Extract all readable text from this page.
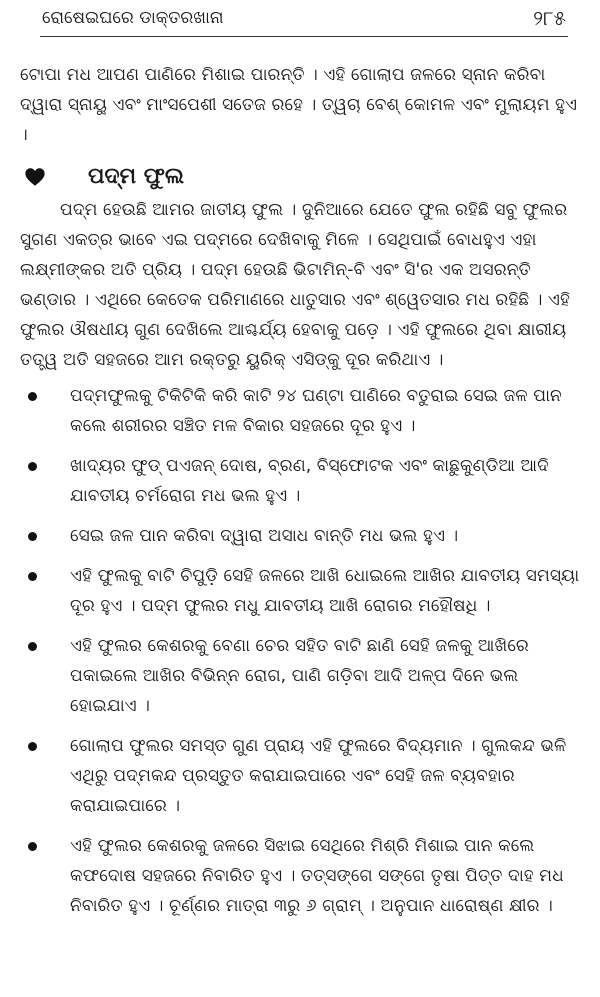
ରୋଷେଇଘରେ ଡାକ୍ତରଖାନା	୨୮୫

ଟୋପା ମଧ ଆପଣ ପାଣିରେ ମିଶାଇ ପାରନ୍ତି । ଏହି ଗୋଲାପ ଜଳରେ ସ୍ନାନ କରିବା ଦ୍ୱାରା ସ୍ନାୟୁ ଏବଂ ମାଂସପେଶୀ ସତେଜ ରହେ । ତ୍ୱଚା ବେଶ୍ କୋମଳ ଏବଂ ମୁଲାୟମ ହୁଏ ।

ପଦ୍ମ ଫୁଲ

ପଦ୍ମ ହେଉଛି ଆମର ଜାତୀୟ ଫୁଲ । ଦୁନିଆରେ ଯେତେ ଫୁଲ ରହିଛି ସବୁ ଫୁଲର ସୁଗଣ ଏକତ୍ର ଭାବେ ଏଇ ପଦ୍ମରେ ଦେଖିବାକୁ ମିଳେ । ସେଥିପାଇଁ ବୋଧହୁଏ ଏହା ଲକ୍ଷ୍ମୀଙ୍କର ଅତି ପ୍ରିୟ । ପଦ୍ମ ହେଉଛି ଭିଟାମିନ୍-ବି ଏବଂ ସି'ର ଏକ ଅସରନ୍ତି ଭଣ୍ଡାର । ଏଥିରେ କେତେକ ପରିମାଣରେ ଧାତୁସାର ଏବଂ ଶ୍ୱେତସାର ମଧ ରହିଛି । ଏହି ଫୁଲର ଔଷଧୀୟ ଗୁଣ ଦେଖିଲେ ଆଶ୍ଚର୍ଯ୍ୟ ହେବାକୁ ପଡ଼େ । ଏହି ଫୁଲରେ ଥିବା କ୍ଷାରୀୟ ତତ୍ତ୍ୱ ଅତି ସହଜରେ ଆମ ରକ୍ତରୁ ୟୁରିକ୍ ଏସିଡ୍‌କୁ ଦୂର କରିଥାଏ ।

ପଦ୍ମଫୁଲକୁ ଟିକିଟିକି କରି କାଟି ୨୪ ଘଣ୍ଟା ପାଣିରେ ବତୁରାଇ ସେଇ ଜଳ ପାନ କଲେ ଶରୀରର ସଞ୍ଚିତ ମଳ ବିକାର ସହଜରେ ଦୂର ହୁଏ ।
ଖାଦ୍ୟର ଫୁଡ୍ ପଏଜନ୍ ଦୋଷ, ବ୍ରଣ, ବିସ୍ଫୋଟକ ଏବଂ କାଛୁକୁଣ୍ଡିଆ ଆଦି ଯାବତୀୟ ଚର୍ମରୋଗ ମଧ ଭଲ ହୁଏ ।
ସେଇ ଜଳ ପାନ କରିବା ଦ୍ୱାରା ଅସାଧ ବାନ୍ତି ମଧ ଭଲ ହୁଏ ।
ଏହି ଫୁଲକୁ ବାଟି ଚିପୁଡ଼ି ସେହି ଜଳରେ ଆଖି ଧୋଇଲେ ଆଖିର ଯାବତୀୟ ସମସ୍ୟା ଦୂର ହୁଏ । ପଦ୍ମ ଫୁଲର ମଧୁ ଯାବତୀୟ ଆଖି ରୋଗର ମହୌଷଧି ।
ଏହି ଫୁଲର କେଶରକୁ ବେଣା ଚେର ସହିତ ବାଟି ଛାଣି ସେହି ଜଳକୁ ଆଖିରେ ପକାଇଲେ ଆଖିର ବିଭିନ୍ନ ରୋଗ, ପାଣି ଗଡ଼ିବା ଆଦି ଅଳ୍ପ ଦିନେ ଭଲ ହୋଇଯାଏ ।
ଗୋଲାପ ଫୁଲର ସମସ୍ତ ଗୁଣ ପ୍ରାୟ ଏହି ଫୁଲରେ ବିଦ୍ୟମାନ । ଗୁଲକନ୍ଦ ଭଳି ଏଥିରୁ ପଦ୍ମକନ୍ଦ ପ୍ରସ୍ତୁତ କରାଯାଇପାରେ ଏବଂ ସେହି ଜଳ ବ୍ୟବହାର କରାଯାଇପାରେ ।
ଏହି ଫୁଲର କେଶରକୁ ଜଳରେ ସିଝାଇ ସେଥିରେ ମିଶ୍ରି ମିଶାଇ ପାନ କଲେ କଫଦୋଷ ସହଜରେ ନିବାରିତ ହୁଏ । ତତ୍‌ସଙ୍ଗେ ସଙ୍ଗେ ତୃଷା ପିତ୍ତ ଦାହ ମଧ ନିବାରିତ ହୁଏ । ଚୂର୍ଣ୍ଣର ମାତ୍ରା ୩ରୁ ୬ ଗ୍ରାମ୍ । ଅନୁପାନ ଧାରୋଷ୍ଣ କ୍ଷୀର ।
